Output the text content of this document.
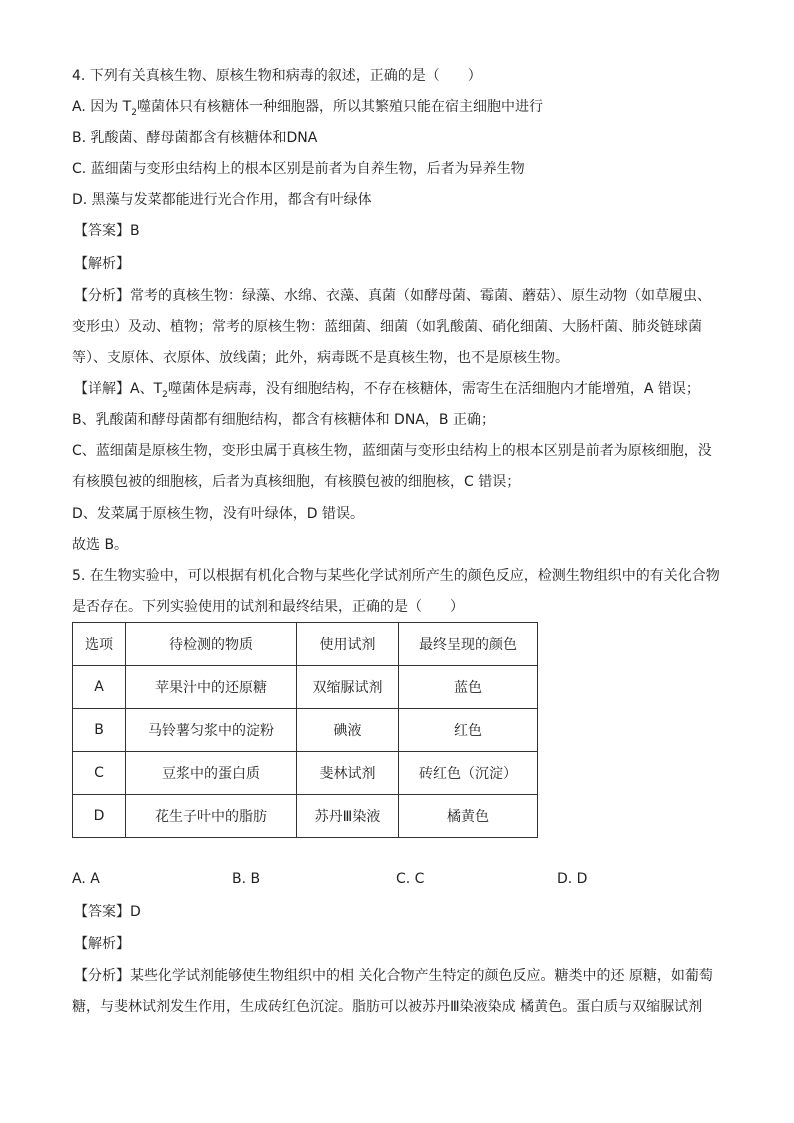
4. 下列有关真核生物、原核生物和病毒的叙述，正确的是（　　）
A. 因为 $T_2$噬菌体只有核糖体一种细胞器，所以其繁殖只能在宿主细胞中进行
B. 乳酸菌、酵母菌都含有核糖体和DNA
C. 蓝细菌与变形虫结构上的根本区别是前者为自养生物，后者为异养生物
D. 黑藻与发菜都能进行光合作用，都含有叶绿体
【答案】B
【解析】
【分析】常考的真核生物：绿藻、水绵、衣藻、真菌（如酵母菌、霉菌、蘑菇）、原生动物（如草履虫、
变形虫）及动、植物；常考的原核生物：蓝细菌、细菌（如乳酸菌、硝化细菌、大肠杆菌、肺炎链球菌
等）、支原体、衣原体、放线菌；此外，病毒既不是真核生物，也不是原核生物。
【详解】A、$T_2$噬菌体是病毒，没有细胞结构，不存在核糖体，需寄生在活细胞内才能增殖，A 错误；
B、乳酸菌和酵母菌都有细胞结构，都含有核糖体和 DNA，B 正确；
C、蓝细菌是原核生物，变形虫属于真核生物，蓝细菌与变形虫结构上的根本区别是前者为原核细胞，没
有核膜包被的细胞核，后者为真核细胞，有核膜包被的细胞核，C 错误；
D、发菜属于原核生物，没有叶绿体，D 错误。
故选 B。
5. 在生物实验中，可以根据有机化合物与某些化学试剂所产生的颜色反应，检测生物组织中的有关化合物
是否存在。下列实验使用的试剂和最终结果，正确的是（　　）
选项	待检测的物质	使用试剂	最终呈现的颜色
A	苹果汁中的还原糖	双缩脲试剂	蓝色
B	马铃薯匀浆中的淀粉	碘液	红色
C	豆浆中的蛋白质	斐林试剂	砖红色（沉淀）
D	花生子叶中的脂肪	苏丹Ⅲ染液	橘黄色
A. A	B. B	C. C	D. D
【答案】D
【解析】
【分析】某些化学试剂能够使生物组织中的相 关化合物产生特定的颜色反应。糖类中的还 原糖，如葡萄
糖，与斐林试剂发生作用，生成砖红色沉淀。脂肪可以被苏丹Ⅲ染液染成 橘黄色。蛋白质与双缩脲试剂
